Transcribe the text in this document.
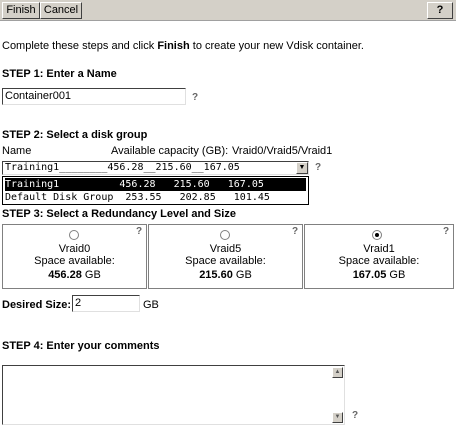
Finish Cancel	?
Complete these steps and click Finish to create your new Vdisk container.
STEP 1: Enter a Name
Container001	?
STEP 2: Select a disk group
Name	Available capacity (GB): Vraid0/Vraid5/Vraid1
Training1________456.28__215.60__167.05	▼ ?
Training1          456.28   215.60   167.05
Default Disk Group  253.55   202.85   101.45
STEP 3: Select a Redundancy Level and Size
?
Vraid0
Space available:
456.28 GB
?
Vraid5
Space available:
215.60 GB
?
Vraid1
Space available:
167.05 GB
Desired Size: 2	GB
STEP 4: Enter your comments
▲
▼ ?
